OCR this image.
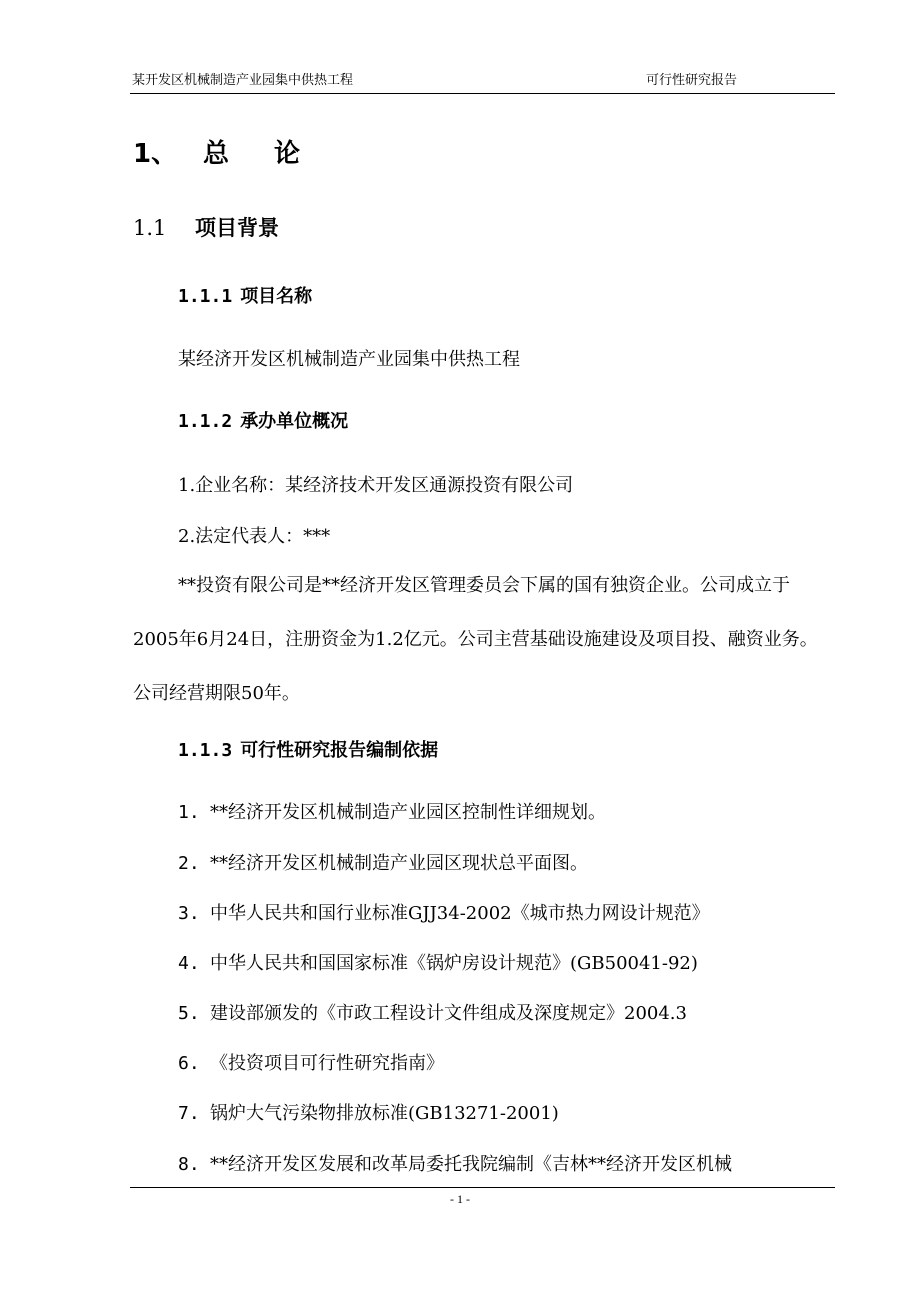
某开发区机械制造产业园集中供热工程	可行性研究报告
1、 总 论
1.1 项目背景
1.1.1 项目名称
某经济开发区机械制造产业园集中供热工程
1.1.2 承办单位概况
1.企业名称：某经济技术开发区通源投资有限公司
2.法定代表人：***
**投资有限公司是**经济开发区管理委员会下属的国有独资企业。公司成立于2005年6月24日，注册资金为1.2亿元。公司主营基础设施建设及项目投、融资业务。公司经营期限50年。
1.1.3 可行性研究报告编制依据
1. **经济开发区机械制造产业园区控制性详细规划。
2. **经济开发区机械制造产业园区现状总平面图。
3. 中华人民共和国行业标准GJJ34-2002《城市热力网设计规范》
4. 中华人民共和国国家标准《锅炉房设计规范》(GB50041-92)
5. 建设部颁发的《市政工程设计文件组成及深度规定》2004.3
6. 《投资项目可行性研究指南》
7. 锅炉大气污染物排放标准(GB13271-2001)
8. **经济开发区发展和改革局委托我院编制《吉林**经济开发区机械
- 1 -
